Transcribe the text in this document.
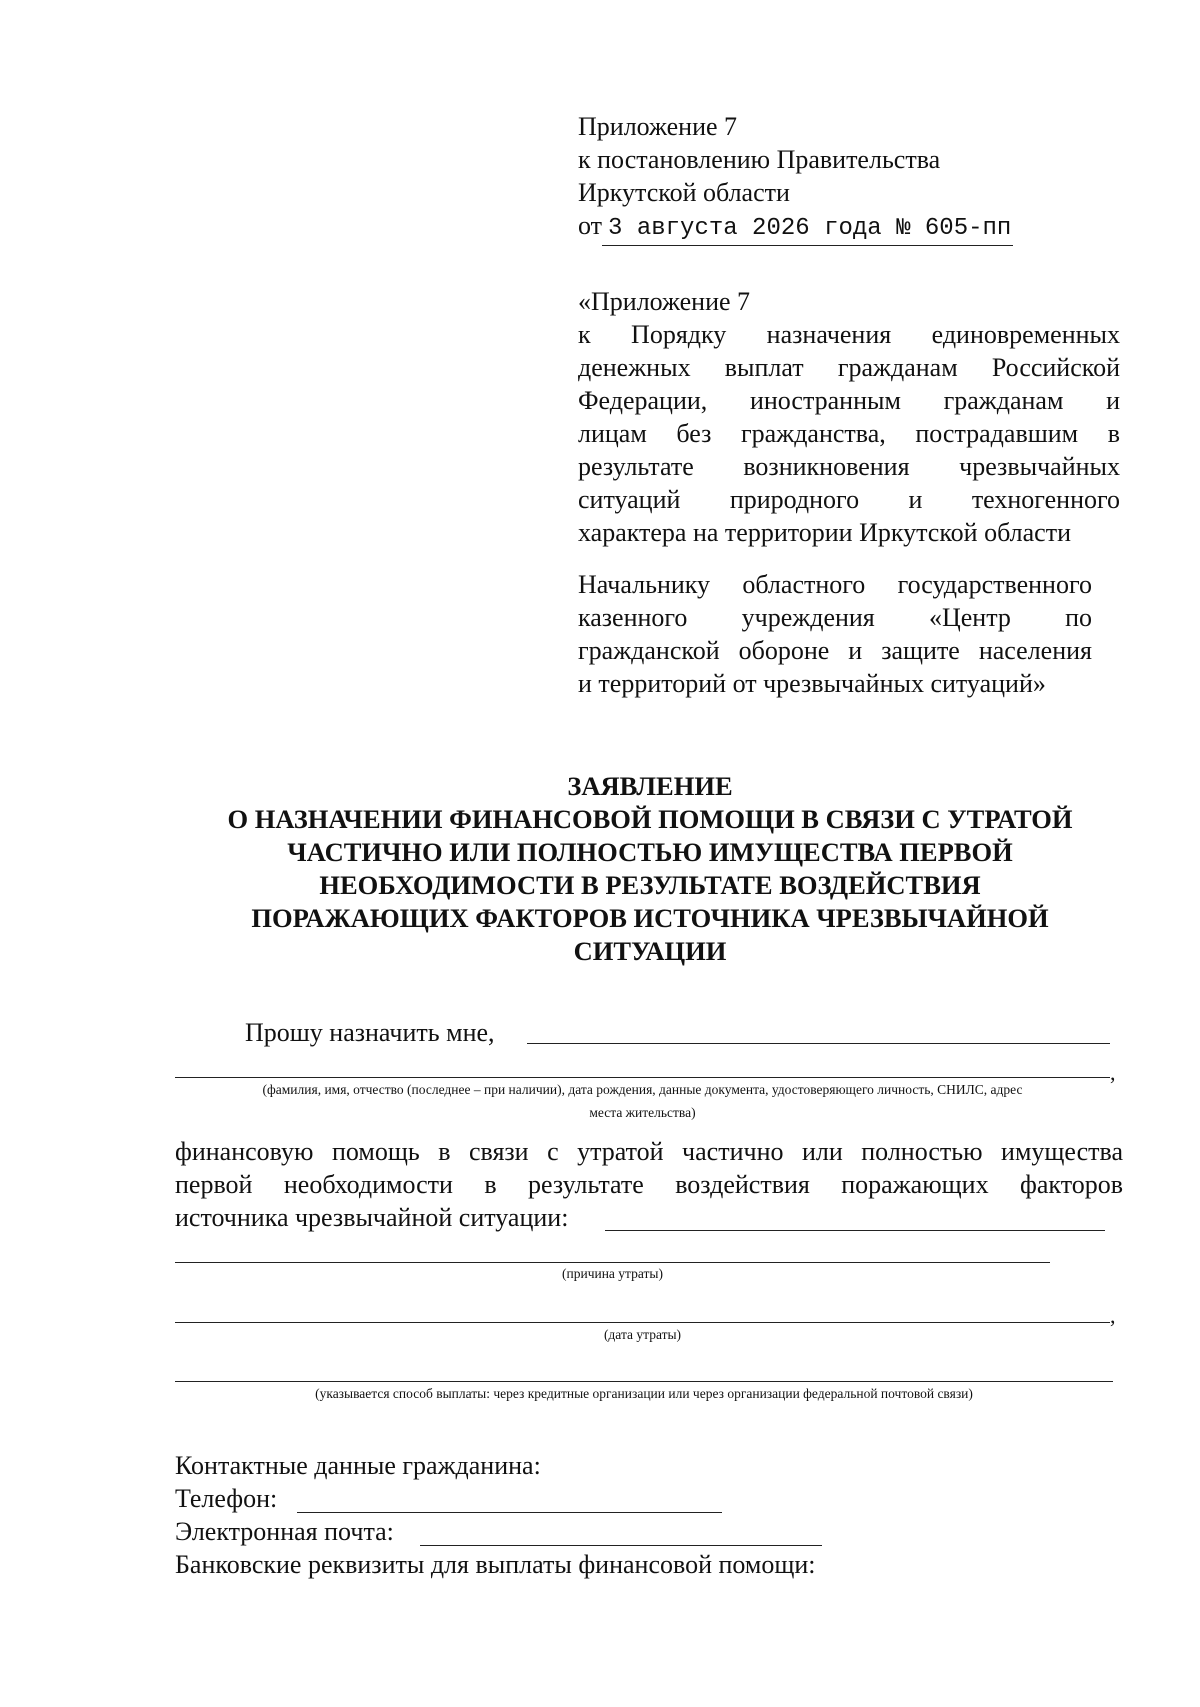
Приложение 7
к постановлению Правительства
Иркутской области
от 3 августа 2026 года № 605-пп
«Приложение 7
к Порядку назначения единовременных
денежных выплат гражданам Российской
Федерации, иностранным гражданам и
лицам без гражданства, пострадавшим в
результате возникновения чрезвычайных
ситуаций природного и техногенного
характера на территории Иркутской области
Начальнику областного государственного
казенного учреждения «Центр по
гражданской обороне и защите населения
и территорий от чрезвычайных ситуаций»
ЗАЯВЛЕНИЕ
О НАЗНАЧЕНИИ ФИНАНСОВОЙ ПОМОЩИ В СВЯЗИ С УТРАТОЙ
ЧАСТИЧНО ИЛИ ПОЛНОСТЬЮ ИМУЩЕСТВА ПЕРВОЙ
НЕОБХОДИМОСТИ В РЕЗУЛЬТАТЕ ВОЗДЕЙСТВИЯ
ПОРАЖАЮЩИХ ФАКТОРОВ ИСТОЧНИКА ЧРЕЗВЫЧАЙНОЙ
СИТУАЦИИ
Прошу назначить мне,
,
(фамилия, имя, отчество (последнее – при наличии), дата рождения, данные документа, удостоверяющего личность, СНИЛС, адрес
места жительства)
финансовую помощь в связи с утратой частично или полностью имущества
первой необходимости в результате воздействия поражающих факторов
источника чрезвычайной ситуации:
(причина утраты)
,
(дата утраты)
(указывается способ выплаты: через кредитные организации или через организации федеральной почтовой связи)
Контактные данные гражданина:
Телефон:
Электронная почта:
Банковские реквизиты для выплаты финансовой помощи:
